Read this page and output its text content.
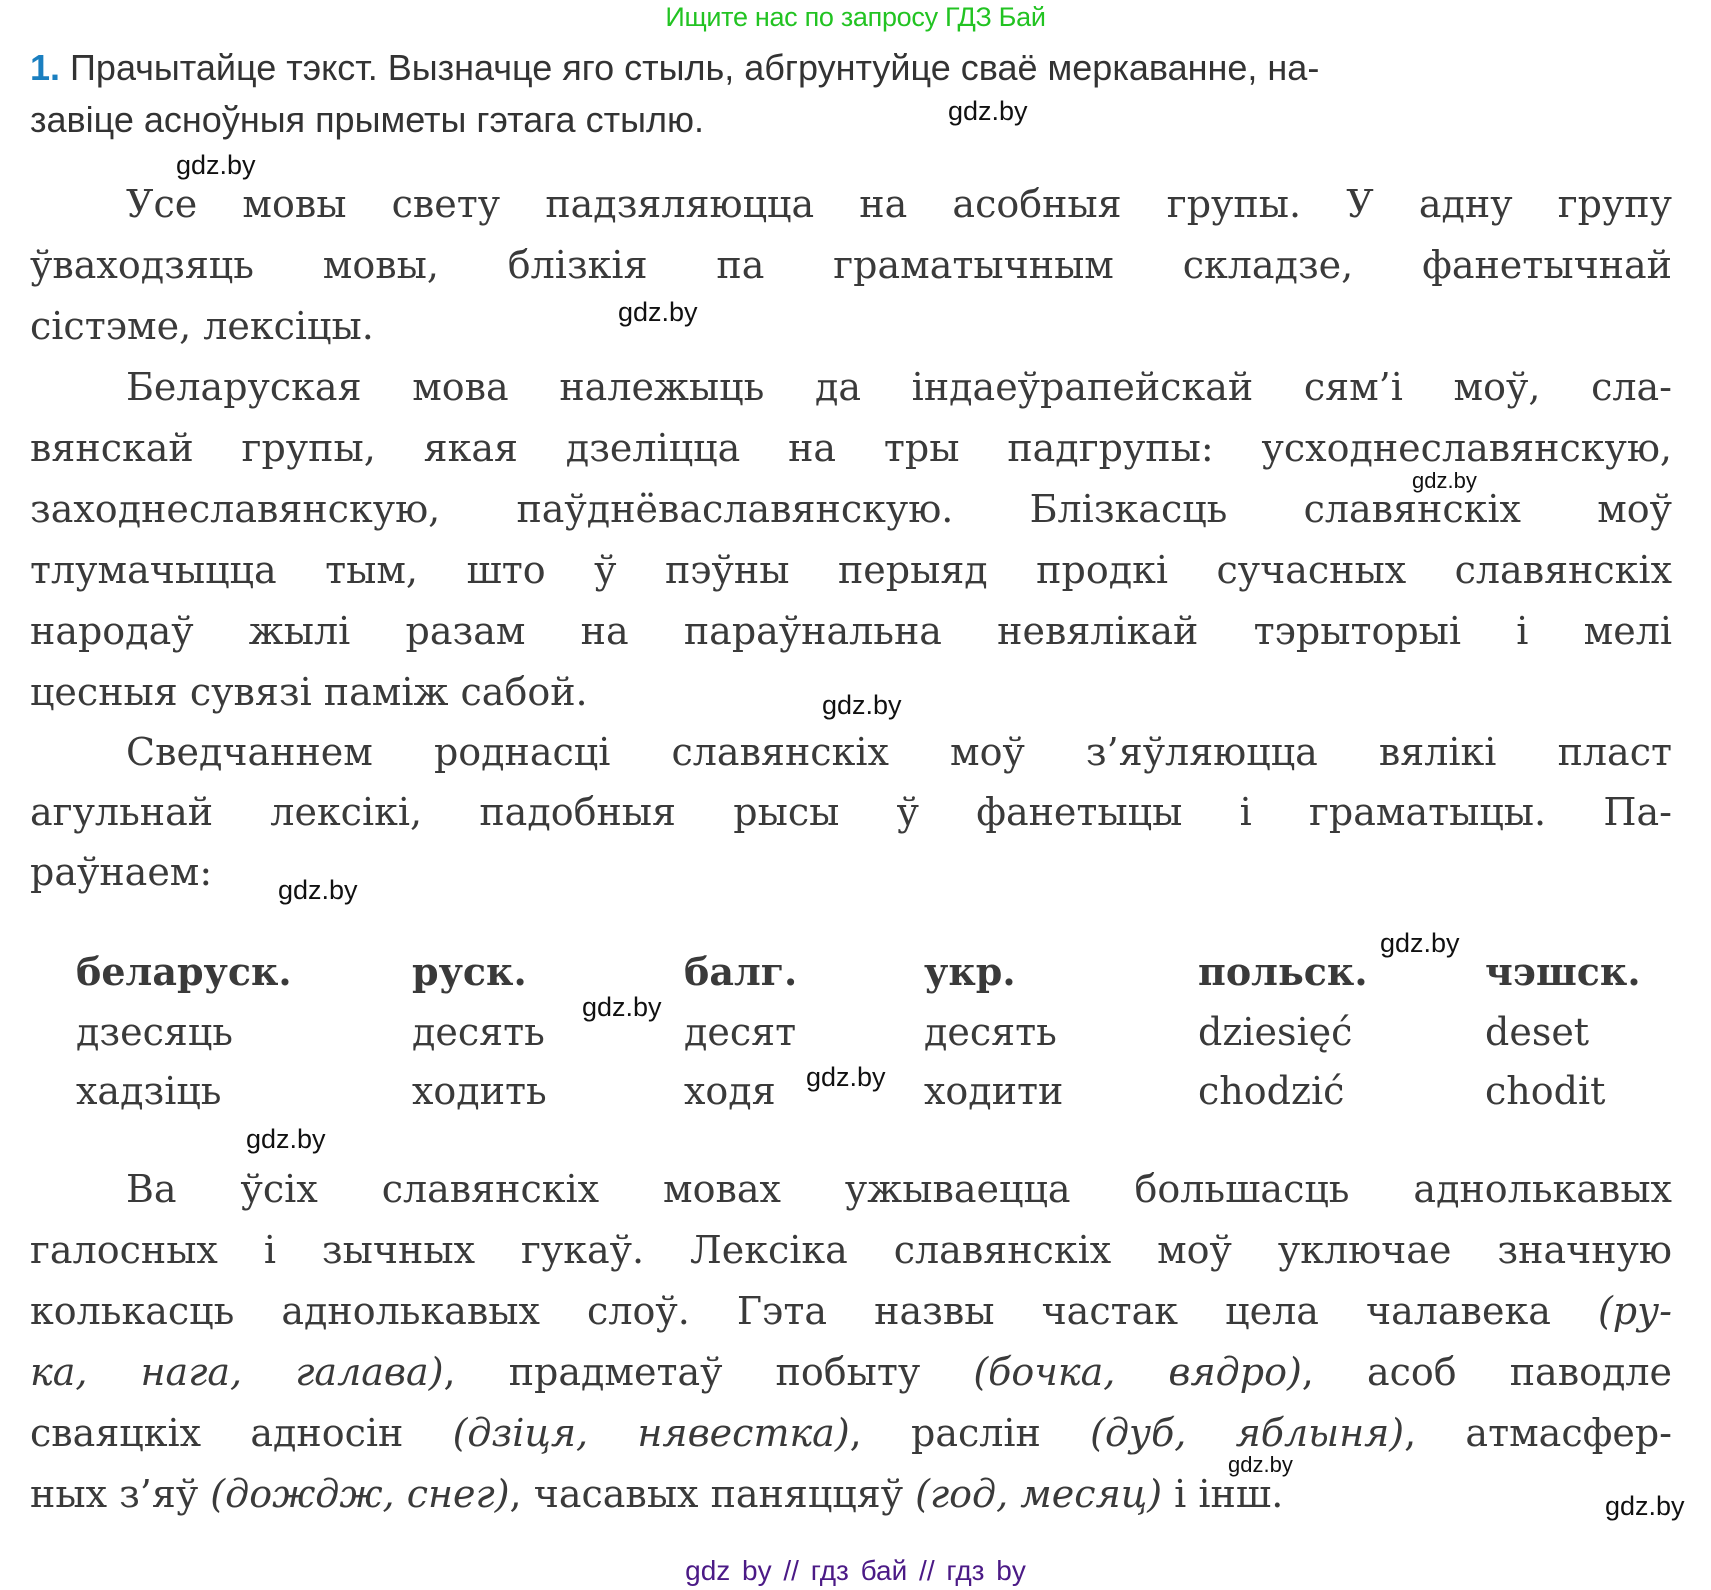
Ищите нас по запросу ГДЗ Бай
1. Прачытайце тэкст. Вызначце яго стыль, абгрунтуйце сваё меркаванне, на-
завіце асноўныя прыметы гэтага стылю.
Усе мовы свету падзяляюцца на асобныя групы. У адну групу
ўваходзяць мовы, блізкія па граматычным складзе, фанетычнай
сістэме, лексіцы.
Беларуская мова належыць да індаеўрапейскай сям’і моў, сла-
вянскай групы, якая дзеліцца на тры падгрупы: усходнеславянскую,
заходнеславянскую, паўднёваславянскую. Блізкасць славянскіх моў
тлумачыцца тым, што ў пэўны перыяд продкі сучасных славянскіх
народаў жылі разам на параўнальна невялікай тэрыторыі і мелі
цесныя сувязі паміж сабой.
Сведчаннем роднасці славянскіх моў з’яўляюцца вялікі пласт
агульнай лексікі, падобныя рысы ў фанетыцы і граматыцы. Па-
раўнаем:
беларуск.	руск.	балг.	укр.	польск.	чэшск.
дзесяць	десять	десят	десять	dziesięć	deset
хадзіць	ходить	ходя	ходити	chodzić	chodit
Ва ўсіх славянскіх мовах ужываецца большасць аднолькавых
галосных і зычных гукаў. Лексіка славянскіх моў уключае значную
колькасць аднолькавых слоў. Гэта назвы частак цела чалавека (ру-
ка, нага, галава), прадметаў побыту (бочка, вядро), асоб паводле
сваяцкіх адносін (дзіця, нявестка), раслін (дуб, яблыня), атмасфер-
ных з’яў (дождж, снег), часавых паняццяў (год, месяц) і інш.
gdz.by
gdz.by
gdz.by
gdz.by
gdz.by
gdz.by
gdz.by
gdz.by
gdz.by
gdz.by
gdz.by
gdz.by
gdz by // гдз бай // гдз by
